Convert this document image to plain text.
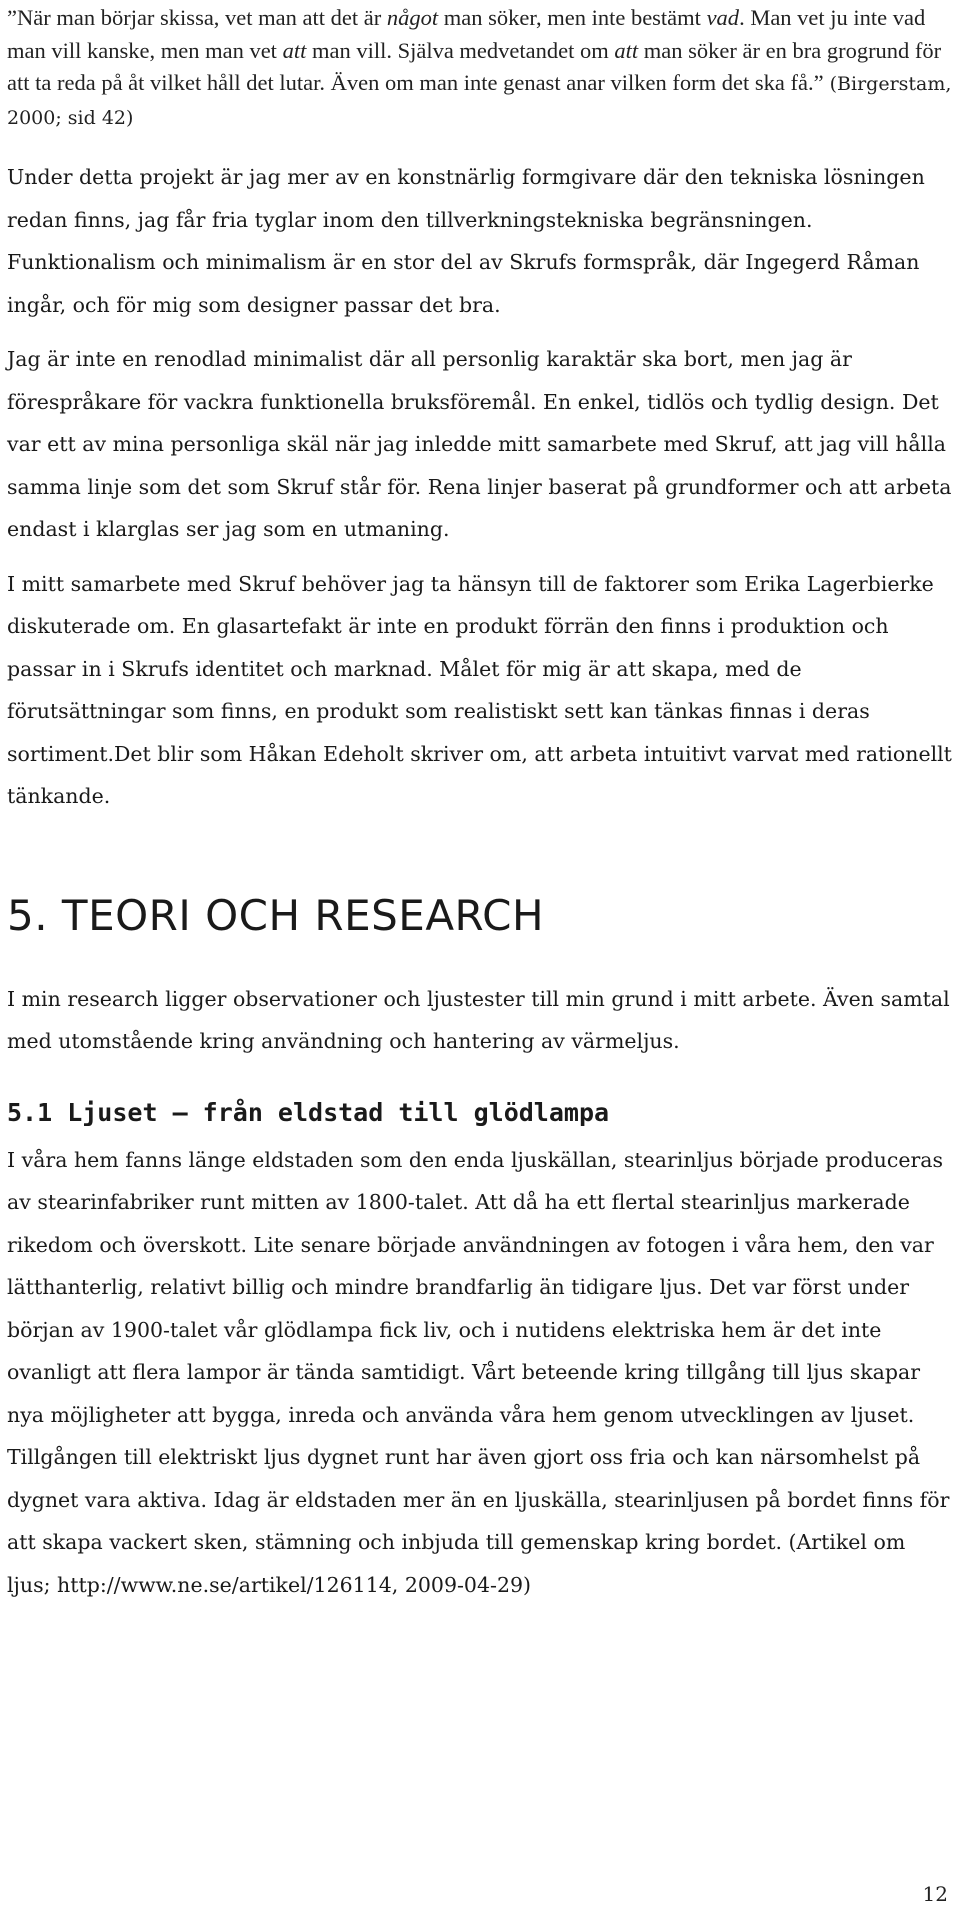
”När man börjar skissa, vet man att det är något man söker, men inte bestämt vad. Man vet ju inte vad man vill kanske, men man vet att man vill. Själva medvetandet om att man söker är en bra grogrund för att ta reda på åt vilket håll det lutar. Även om man inte genast anar vilken form det ska få.” (Birgerstam, 2000; sid 42)

Under detta projekt är jag mer av en konstnärlig formgivare där den tekniska lösningen redan finns, jag får fria tyglar inom den tillverkningstekniska begränsningen. Funktionalism och minimalism är en stor del av Skrufs formspråk, där Ingegerd Råman ingår, och för mig som designer passar det bra.

Jag är inte en renodlad minimalist där all personlig karaktär ska bort, men jag är förespråkare för vackra funktionella bruksföremål. En enkel, tidlös och tydlig design. Det var ett av mina personliga skäl när jag inledde mitt samarbete med Skruf, att jag vill hålla samma linje som det som Skruf står för. Rena linjer baserat på grundformer och att arbeta endast i klarglas ser jag som en utmaning.

I mitt samarbete med Skruf behöver jag ta hänsyn till de faktorer som Erika Lagerbierke diskuterade om. En glasartefakt är inte en produkt förrän den finns i produktion och passar in i Skrufs identitet och marknad. Målet för mig är att skapa, med de förutsättningar som finns, en produkt som realistiskt sett kan tänkas finnas i deras sortiment.Det blir som Håkan Edeholt skriver om, att arbeta intuitivt varvat med rationellt tänkande.

5. TEORI OCH RESEARCH

I min research ligger observationer och ljustester till min grund i mitt arbete. Även samtal med utomstående kring användning och hantering av värmeljus.

5.1 Ljuset – från eldstad till glödlampa

I våra hem fanns länge eldstaden som den enda ljuskällan, stearinljus började produceras av stearinfabriker runt mitten av 1800-talet. Att då ha ett flertal stearinljus markerade rikedom och överskott. Lite senare började användningen av fotogen i våra hem, den var lätthanterlig, relativt billig och mindre brandfarlig än tidigare ljus. Det var först under början av 1900-talet vår glödlampa fick liv, och i nutidens elektriska hem är det inte ovanligt att flera lampor är tända samtidigt. Vårt beteende kring tillgång till ljus skapar nya möjligheter att bygga, inreda och använda våra hem genom utvecklingen av ljuset. Tillgången till elektriskt ljus dygnet runt har även gjort oss fria och kan närsomhelst på dygnet vara aktiva. Idag är eldstaden mer än en ljuskälla, stearinljusen på bordet finns för att skapa vackert sken, stämning och inbjuda till gemenskap kring bordet. (Artikel om ljus; http://www.ne.se/artikel/126114, 2009-04-29)

12
